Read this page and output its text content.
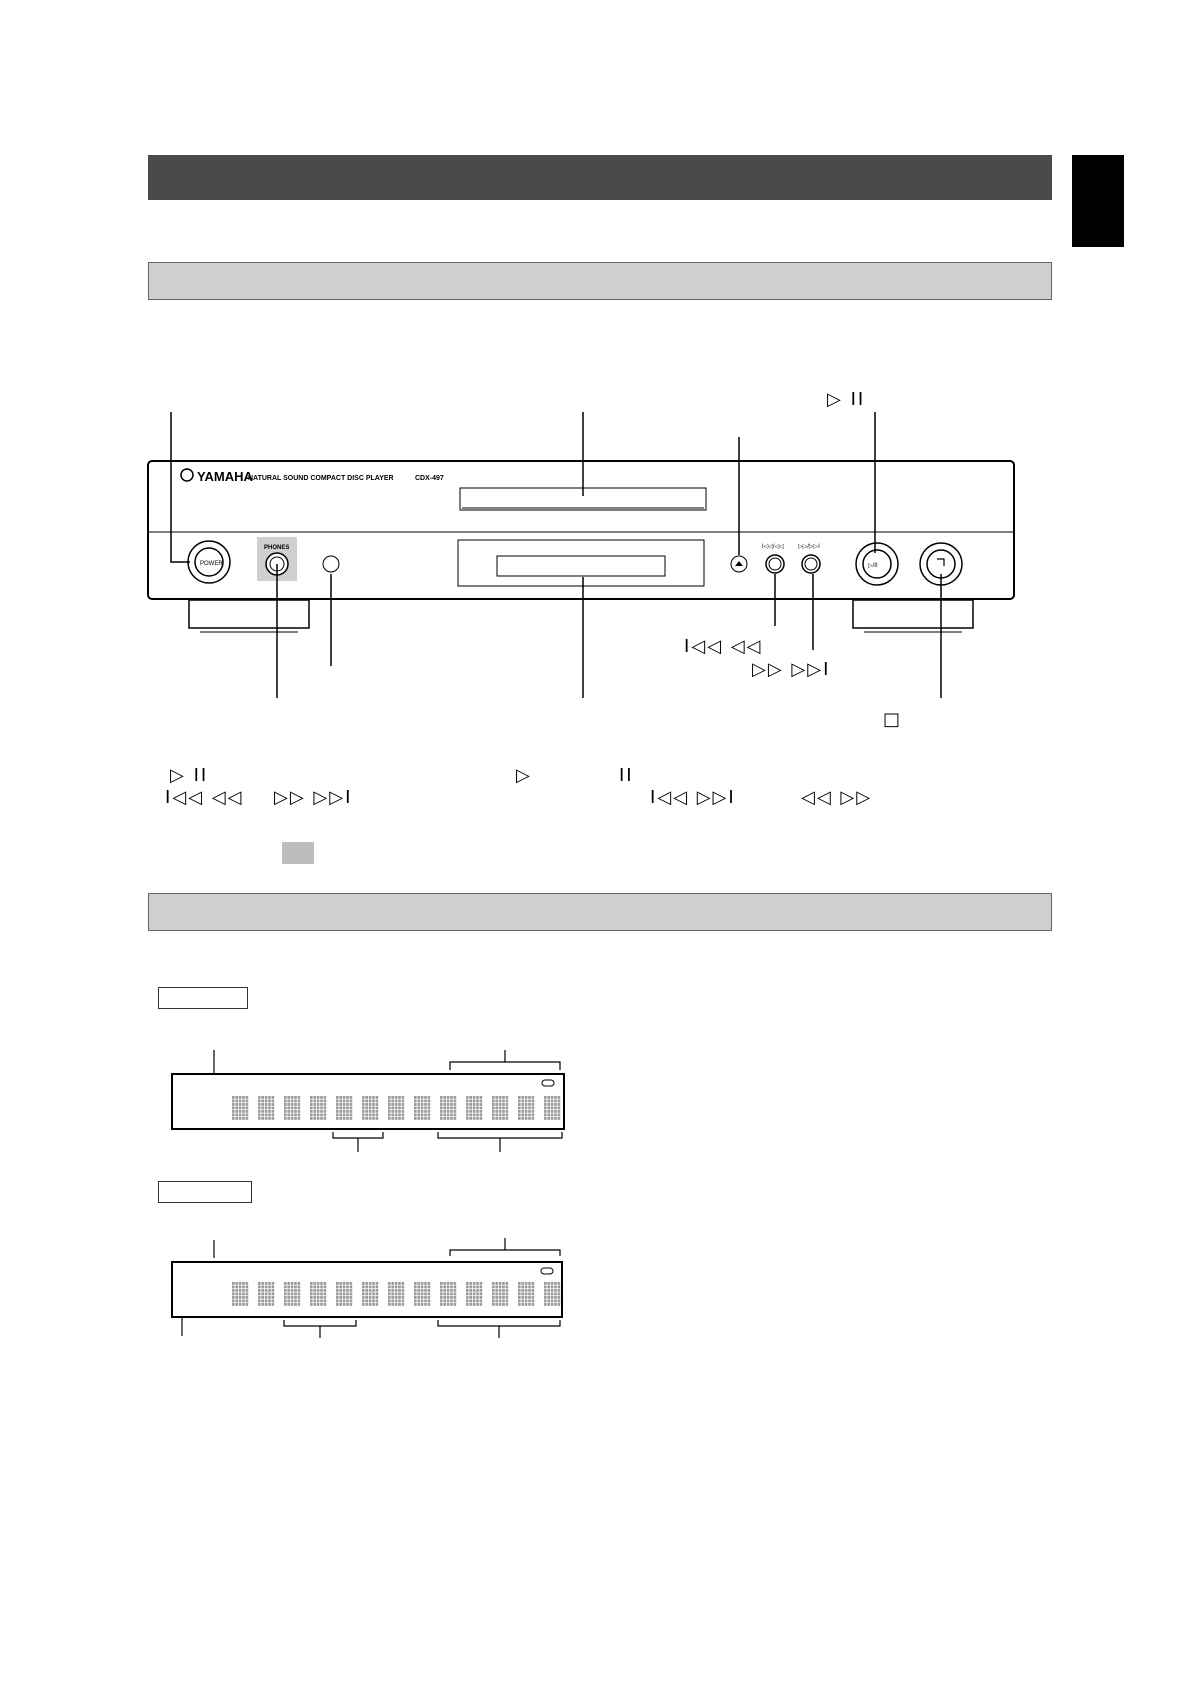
YAMAHA
NATURAL SOUND COMPACT DISC PLAYER	CDX-497
POWER
PHONES	I◁◁/◁◁ ▷▷/▷▷I
▷/II
▷ II
I◁◁ ◁◁
▷▷ ▷▷I
□
▷ II	▷	II
I◁◁ ◁◁ ▷▷ ▷▷I	I◁◁ ▷▷I	◁◁ ▷▷
